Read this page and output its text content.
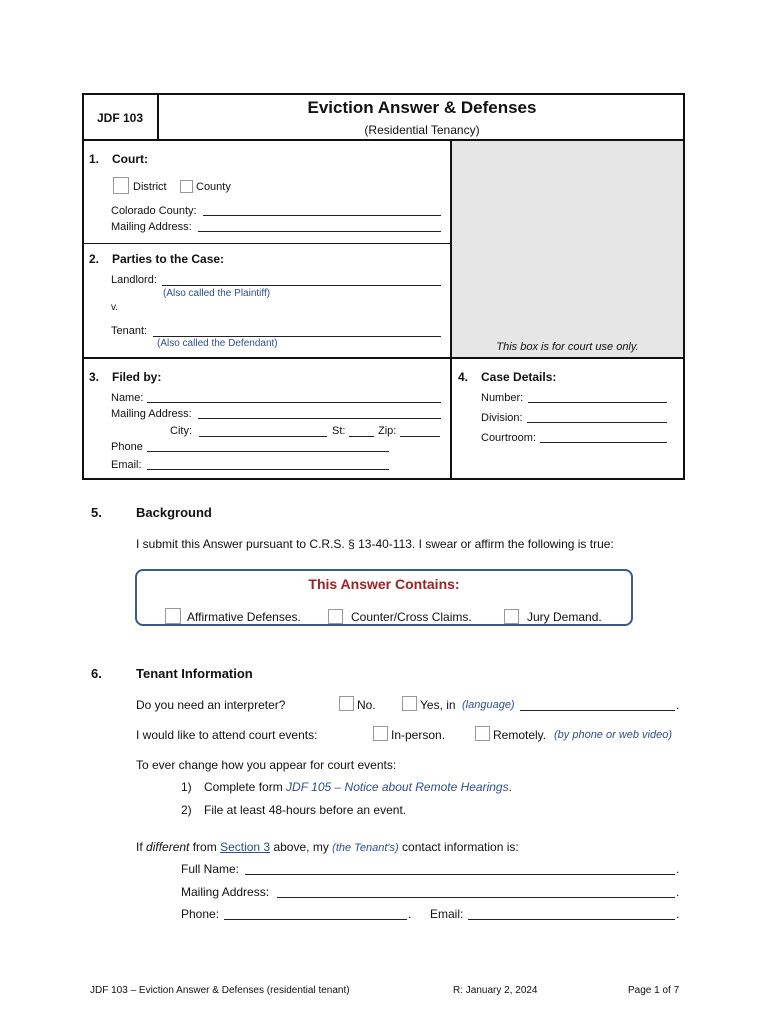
JDF 103
Eviction Answer & Defenses
(Residential Tenancy)
1. Court:
District	County
Colorado County:
Mailing Address:
2. Parties to the Case:
Landlord:
(Also called the Plaintiff)
v.
Tenant:
(Also called the Defendant)	This box is for court use only.
3. Filed by:
Name:
Mailing Address:
City:	St:	Zip:
Phone
Email:
4. Case Details:
Number:
Division:
Courtroom:
5.	Background
I submit this Answer pursuant to C.R.S. § 13-40-113. I swear or affirm the following is true:
This Answer Contains:
Affirmative Defenses.	Counter/Cross Claims.	Jury Demand.
6.	Tenant Information
Do you need an interpreter?	No.	Yes, in (language)	.
I would like to attend court events:	In-person.	Remotely. (by phone or web video)
To ever change how you appear for court events:
1) Complete form JDF 105 – Notice about Remote Hearings.
2) File at least 48-hours before an event.
If different from Section 3 above, my (the Tenant's) contact information is:
Full Name:	.
Mailing Address:	.
Phone:	. Email:	.
JDF 103 – Eviction Answer & Defenses (residential tenant)	R: January 2, 2024	Page 1 of 7
